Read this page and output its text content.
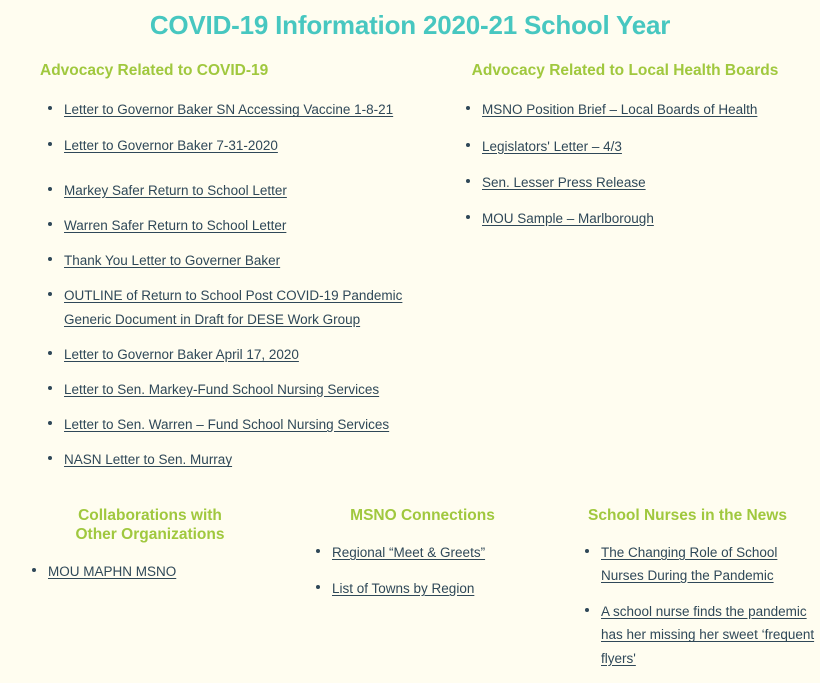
COVID-19 Information 2020-21 School Year
Advocacy Related to COVID-19
Letter to Governor Baker SN Accessing Vaccine 1-8-21
Letter to Governor Baker 7-31-2020
Markey Safer Return to School Letter
Warren Safer Return to School Letter
Thank You Letter to Governer Baker
OUTLINE of Return to School Post COVID-19 Pandemic Generic Document in Draft for DESE Work Group
Letter to Governor Baker April 17, 2020
Letter to Sen. Markey-Fund School Nursing Services
Letter to Sen. Warren – Fund School Nursing Services
NASN Letter to Sen. Murray
Advocacy Related to Local Health Boards
MSNO Position Brief – Local Boards of Health
Legislators' Letter – 4/3
Sen. Lesser Press Release
MOU Sample – Marlborough
Collaborations with
Other Organizations
MOU MAPHN MSNO
MSNO Connections
Regional “Meet & Greets”
List of Towns by Region
School Nurses in the News
The Changing Role of School Nurses During the Pandemic
A school nurse finds the pandemic has her missing her sweet ‘frequent flyers'
